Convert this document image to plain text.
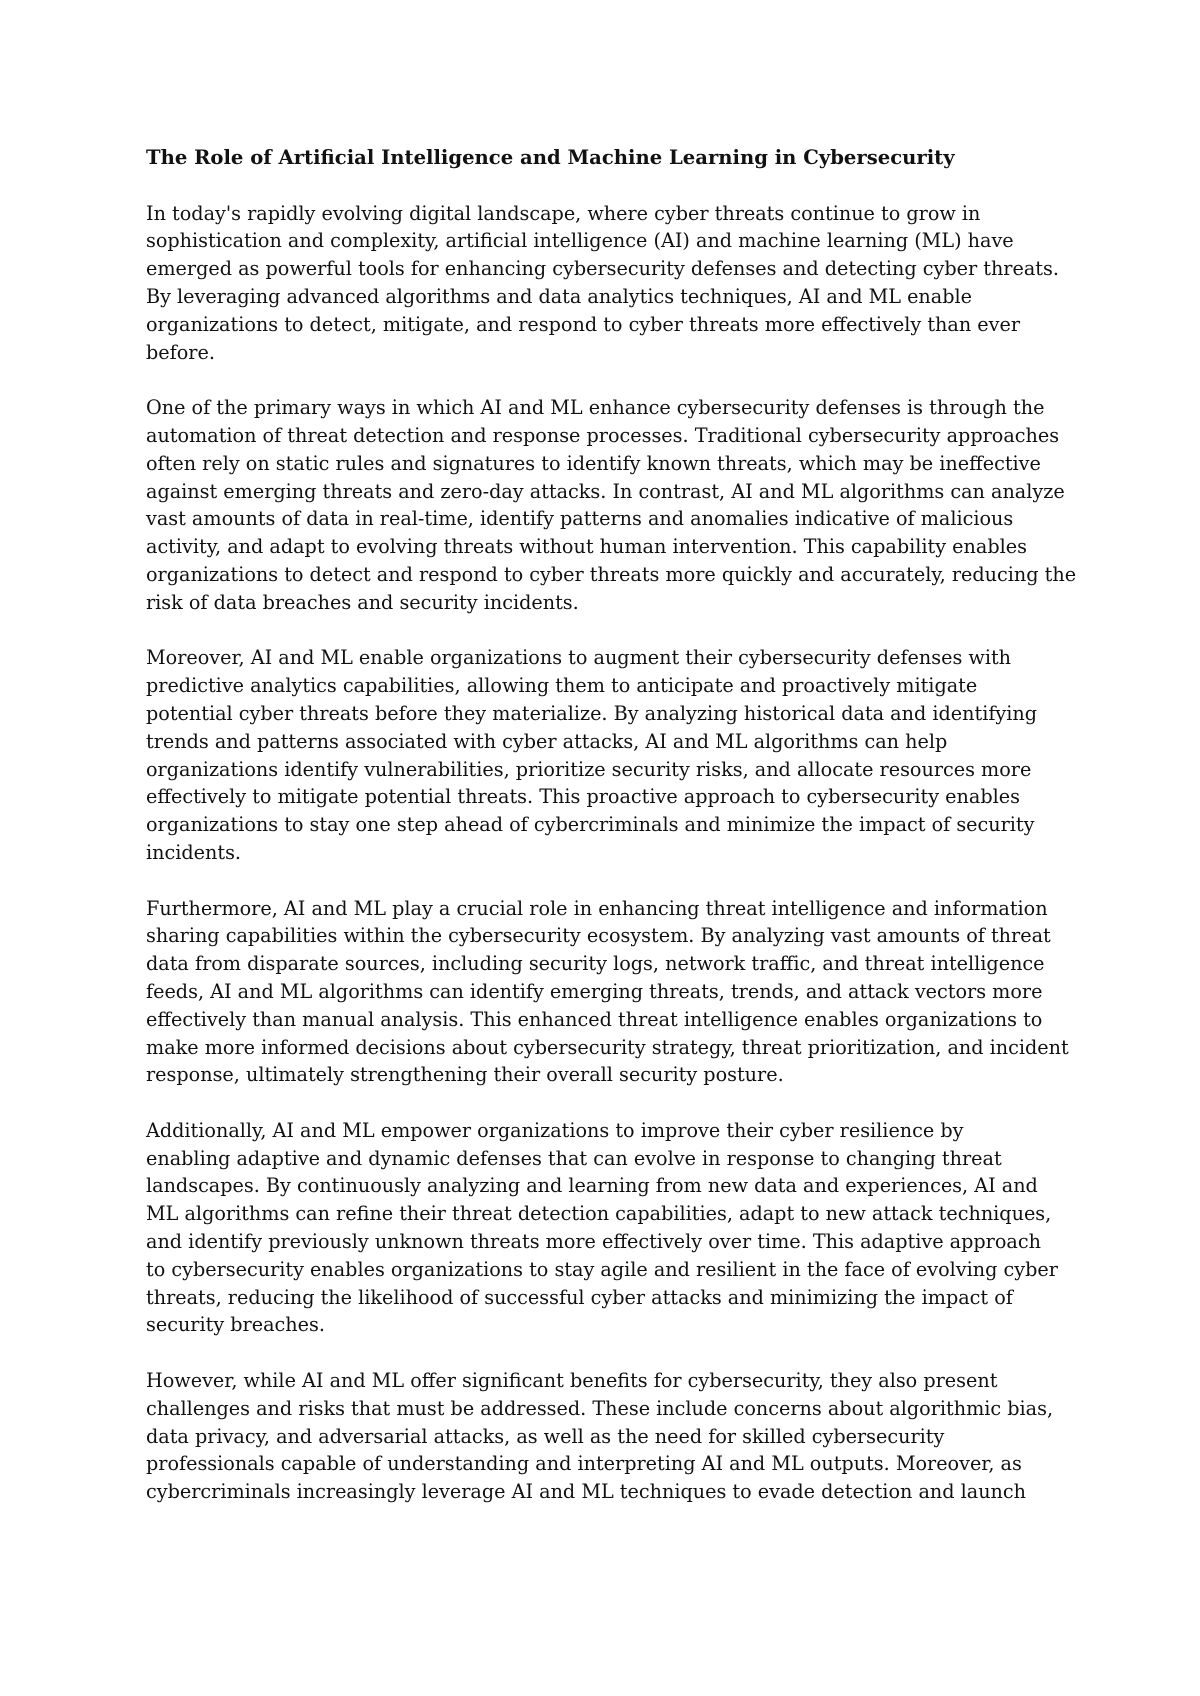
The Role of Artificial Intelligence and Machine Learning in Cybersecurity
In today's rapidly evolving digital landscape, where cyber threats continue to grow in
sophistication and complexity, artificial intelligence (AI) and machine learning (ML) have
emerged as powerful tools for enhancing cybersecurity defenses and detecting cyber threats.
By leveraging advanced algorithms and data analytics techniques, AI and ML enable
organizations to detect, mitigate, and respond to cyber threats more effectively than ever
before.
One of the primary ways in which AI and ML enhance cybersecurity defenses is through the
automation of threat detection and response processes. Traditional cybersecurity approaches
often rely on static rules and signatures to identify known threats, which may be ineffective
against emerging threats and zero-day attacks. In contrast, AI and ML algorithms can analyze
vast amounts of data in real-time, identify patterns and anomalies indicative of malicious
activity, and adapt to evolving threats without human intervention. This capability enables
organizations to detect and respond to cyber threats more quickly and accurately, reducing the
risk of data breaches and security incidents.
Moreover, AI and ML enable organizations to augment their cybersecurity defenses with
predictive analytics capabilities, allowing them to anticipate and proactively mitigate
potential cyber threats before they materialize. By analyzing historical data and identifying
trends and patterns associated with cyber attacks, AI and ML algorithms can help
organizations identify vulnerabilities, prioritize security risks, and allocate resources more
effectively to mitigate potential threats. This proactive approach to cybersecurity enables
organizations to stay one step ahead of cybercriminals and minimize the impact of security
incidents.
Furthermore, AI and ML play a crucial role in enhancing threat intelligence and information
sharing capabilities within the cybersecurity ecosystem. By analyzing vast amounts of threat
data from disparate sources, including security logs, network traffic, and threat intelligence
feeds, AI and ML algorithms can identify emerging threats, trends, and attack vectors more
effectively than manual analysis. This enhanced threat intelligence enables organizations to
make more informed decisions about cybersecurity strategy, threat prioritization, and incident
response, ultimately strengthening their overall security posture.
Additionally, AI and ML empower organizations to improve their cyber resilience by
enabling adaptive and dynamic defenses that can evolve in response to changing threat
landscapes. By continuously analyzing and learning from new data and experiences, AI and
ML algorithms can refine their threat detection capabilities, adapt to new attack techniques,
and identify previously unknown threats more effectively over time. This adaptive approach
to cybersecurity enables organizations to stay agile and resilient in the face of evolving cyber
threats, reducing the likelihood of successful cyber attacks and minimizing the impact of
security breaches.
However, while AI and ML offer significant benefits for cybersecurity, they also present
challenges and risks that must be addressed. These include concerns about algorithmic bias,
data privacy, and adversarial attacks, as well as the need for skilled cybersecurity
professionals capable of understanding and interpreting AI and ML outputs. Moreover, as
cybercriminals increasingly leverage AI and ML techniques to evade detection and launch
